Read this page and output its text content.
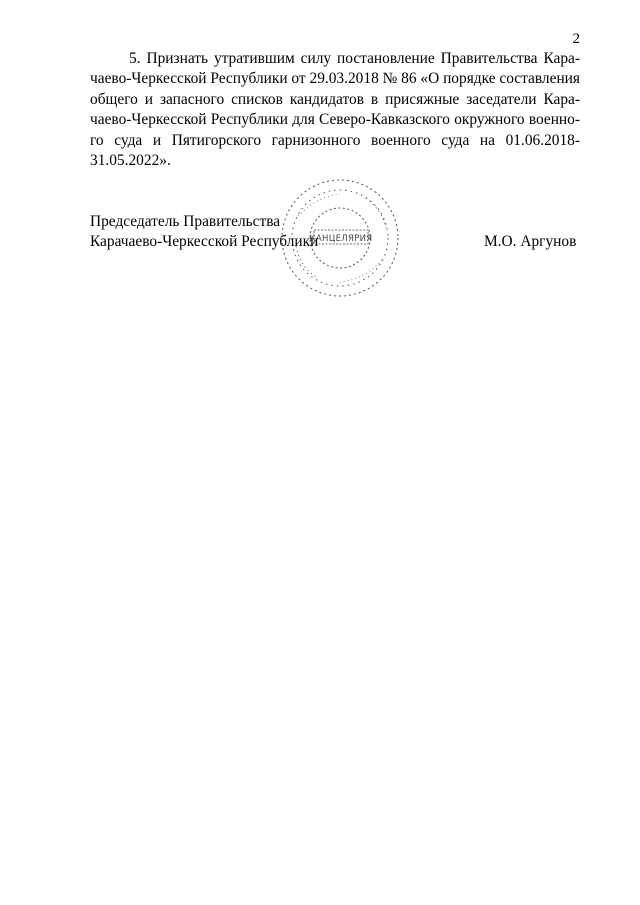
2
5. Признать утратившим силу постановление Правительства Кара-
чаево-Черкесской Республики от 29.03.2018 № 86 «О порядке составления
общего и запасного списков кандидатов в присяжные заседатели Кара-
чаево-Черкесской Республики для Северо-Кавказского окружного военно-
го суда и Пятигорского гарнизонного военного суда на 01.06.2018-
31.05.2022».
КАНЦЕЛЯРИЯ
Председатель Правительства
Карачаево-Черкесской Республики	М.О. Аргунов
